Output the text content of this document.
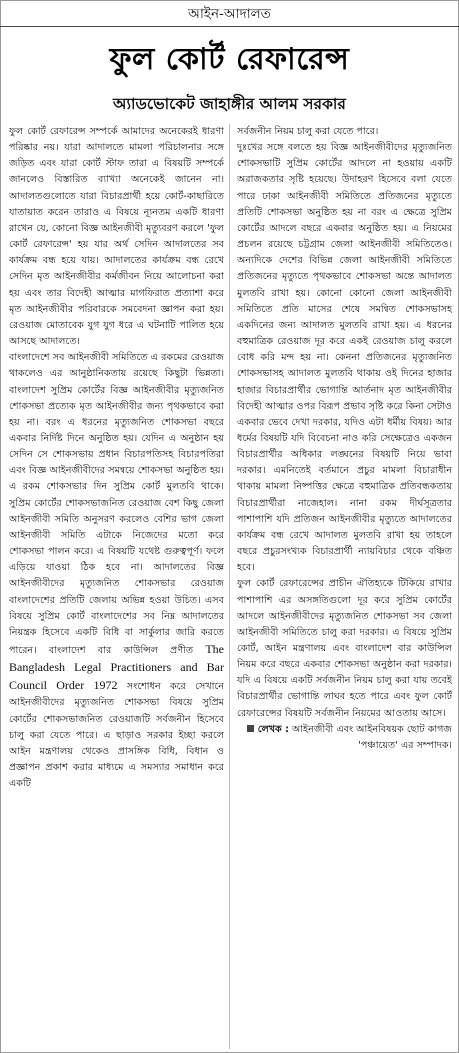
আইন-আদালত
ফুল কোর্ট রেফারেন্স
অ্যাডভোকেট জাহাঙ্গীর আলম সরকার

ফুল কোর্ট রেফারেন্স সম্পর্কে আমাদের অনেকেরই ধারণা পরিষ্কার নয়। যারা আদালতে মামলা পরিচালনার সঙ্গে জড়িত এবং যারা কোর্ট স্টাফ তারা এ বিষয়টি সম্পর্কে জানলেও বিস্তারিত ব্যাখ্যা অনেকেই জানেন না। আদালতগুলোতে যারা বিচারপ্রার্থী হয়ে কোর্ট-কাছারিতে যাতায়াত করেন তারাও এ বিষয়ে ন্যূনতম একটি ধারণা রাখেন যে, কোনো বিজ্ঞ আইনজীবী মৃত্যুবরণ করলে 'ফুল কোর্ট রেফারেন্স' হয় যার অর্থ সেদিন আদালতের সব কার্যক্রম বন্ধ হয়ে যায়। আদালতের কার্যক্রম বন্ধ রেখে সেদিন মৃত আইনজীবীর কর্মজীবন নিয়ে আলোচনা করা হয় এবং তার বিদেহী আত্মার মাগফিরাত প্রত্যাশা করে মৃত আইনজীবীর পরিবারকে সমবেদনা জ্ঞাপন করা হয়। রেওয়াজ মোতাবেক যুগ যুগ ধরে এ ঘটনাটি পালিত হয়ে আসছে আদালতে।

বাংলাদেশে সব আইনজীবী সমিতিতে এ রকমের রেওয়াজ থাকলেও এর আনুষ্ঠানিকতায় রয়েছে কিছুটা ভিন্নতা। বাংলাদেশ সুপ্রিম কোর্টের বিজ্ঞ আইনজীবীর মৃত্যুজনিত শোকসভা প্রত্যেক মৃত আইনজীবীর জন্য পৃথকভাবে করা হয় না। বরং এ ধরনের মৃত্যুজনিত শোকসভা বছরে একবার নির্দিষ্ট দিনে অনুষ্ঠিত হয়। যেদিন এ অনুষ্ঠান হয় সেদিন সে শোকসভায় প্রধান বিচারপতিসহ বিচারপতিরা এবং বিজ্ঞ আইনজীবীদের সমন্বয়ে শোকসভা অনুষ্ঠিত হয়। এ রকম শোকসভার দিন সুপ্রিম কোর্ট মুলতবি থাকে। সুপ্রিম কোর্টের শোকসভাজনিত রেওয়াজ বেশ কিছু জেলা আইনজীবী সমিতি অনুসরণ করলেও বেশির ভাগ জেলা আইনজীবী সমিতি এটাকে নিজেদের মতো করে শোকসভা পালন করে। এ বিষয়টি যথেষ্ট গুরুত্বপূর্ণ। ফলে এড়িয়ে যাওয়া ঠিক হবে না। আদালতের বিজ্ঞ আইনজীবীদের মৃত্যুজনিত শোকসভার রেওয়াজ বাংলাদেশের প্রতিটি জেলায় অভিন্ন হওয়া উচিত। এসব বিষয়ে সুপ্রিম কোর্ট বাংলাদেশের সব নিম্ন আদালতের নিয়ন্ত্রক হিসেবে একটি বিধি বা সার্কুলার জারি করতে পারেন। বাংলাদেশ বার কাউন্সিল প্রণীত The Bangladesh Legal Practitioners and Bar Council Order 1972 সংশোধন করে সেখানে আইনজীবীদের মৃত্যুজনিত শোকসভা বিষয়ে সুপ্রিম কোর্টের শোকসভাজনিত রেওয়াজটি সর্বজনীন হিসেবে চালু করা যেতে পারে। এ ছাড়াও সরকার ইচ্ছা করলে আইন মন্ত্রণালয় থেকেও প্রাসঙ্গিক বিধি, বিধান ও প্রজ্ঞাপন প্রকাশ করার মাধ্যমে এ সমস্যার সমাধান করে একটি

সর্বজনীন নিয়ম চালু করা যেতে পারে।

দুঃখের সঙ্গে বলতে হয় বিজ্ঞ আইনজীবীদের মৃত্যুজনিত শোকসভাটি সুপ্রিম কোর্টের আদলে না হওয়ায় একটি অরাজকতার সৃষ্টি হয়েছে। উদাহরণ হিসেবে বলা যেতে পারে ঢাকা আইনজীবী সমিতিতে প্রতিজনের মৃত্যুতে প্রতিটি শোকসভা অনুষ্ঠিত হয় না বরং এ ক্ষেত্রে সুপ্রিম কোর্টের আদলে বছরে একবার অনুষ্ঠিত হয়। এ নিয়মের প্রচলন রয়েছে চট্টগ্রাম জেলা আইনজীবী সমিতিতেও। অন্যদিকে দেশের বিভিন্ন জেলা আইনজীবী সমিতিতে প্রতিজনের মৃত্যুতে পৃথকভাবে শোকসভা অন্তে আদালত মুলতবি রাখা হয়। কোনো কোনো জেলা আইনজীবী সমিতিতে প্রতি মাসের শেষে সমন্বিত শোকসভাসহ একদিনের জন্য আদালত মুলতবি রাখা হয়। এ ধরনের বহুমাত্রিক রেওয়াজ দূর করে একই রেওয়াজ চালু করলে বোধ করি মন্দ হয় না। কেননা প্রতিজনের মৃত্যুজনিত শোকসভাসহ আদালত মুলতবি থাকায় ওই দিনের হাজার হাজার বিচারপ্রার্থীর ভোগান্তি আর্তনাদ মৃত আইনজীবীর বিদেহী আত্মার ওপর বিরূপ প্রভাব সৃষ্টি করে কিনা সেটাও একবার ভেবে দেখা দরকার, যদিও এটা ধর্মীয় বিষয়। আর ধর্মের বিষয়টি যদি বিবেচনা নাও করি সেক্ষেত্রেও একজন বিচারপ্রার্থীর অধিকার লঙ্ঘনের বিষয়টি নিয়ে ভাবা দরকার। এমনিতেই বর্তমানে প্রচুর মামলা বিচারাধীন থাকায় মামলা নিষ্পত্তির ক্ষেত্রে বহুমাত্রিক প্রতিবন্ধকতায় বিচারপ্রার্থীরা নাজেহাল। নানা রকম দীর্ঘসূত্রতার পাশাপাশি যদি প্রতিজন আইনজীবীর মৃত্যুতে আদালতের কার্যক্রম বন্ধ রেখে আদালত মুলতবি রাখা হয় তাহলে বছরে প্রচুরসংখ্যক বিচারপ্রার্থী ন্যায়বিচার থেকে বঞ্চিত হবে।

ফুল কোর্ট রেফারেন্সের প্রাচীন ঐতিহ্যকে টিকিয়ে রাখার পাশাপাশি এর অসঙ্গতিগুলো দূর করে সুপ্রিম কোর্টের আদলে আইনজীবীদের মৃত্যুজনিত শোকসভা সব জেলা আইনজীবী সমিতিতে চালু করা দরকার। এ বিষয়ে সুপ্রিম কোর্ট, আইন মন্ত্রণালয় এবং বাংলাদেশ বার কাউন্সিল নিয়ম করে বছরে একবার শোকসভা অনুষ্ঠান করা দরকার। যদি এ বিষয়ে একটি সর্বজনীন নিয়ম চালু করা যায় তবেই বিচারপ্রার্থীর ভোগান্তি লাঘব হতে পারে এবং ফুল কোর্ট রেফারেন্সের বিষয়টি সর্বজনীন নিয়মের আওতায় আসে।

লেখক : আইনজীবী এবং আইনবিষয়ক ছোট কাগজ 'পঞ্চায়েত' এর সম্পাদক।
